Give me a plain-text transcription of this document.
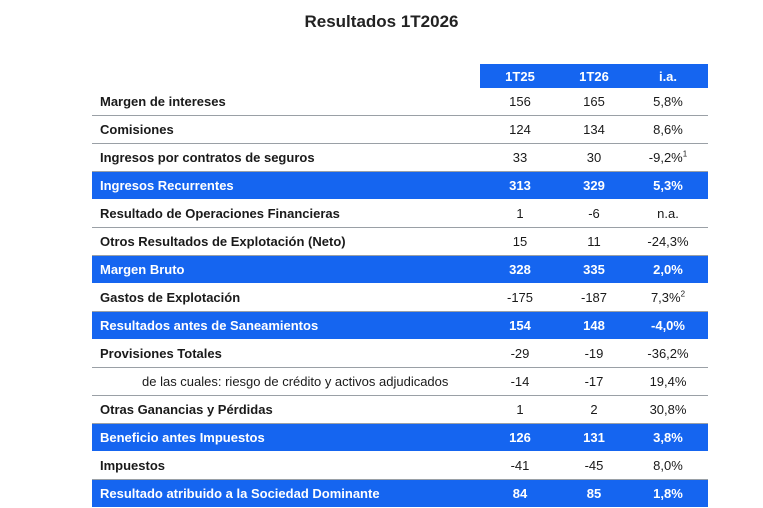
Resultados 1T2026
	1T25	1T26	i.a.
Margen de intereses	156	165	5,8%
Comisiones	124	134	8,6%
Ingresos por contratos de seguros	33	30	-9,2%$^1$
Ingresos Recurrentes	313	329	5,3%
Resultado de Operaciones Financieras	1	-6	n.a.
Otros Resultados de Explotación (Neto)	15	11	-24,3%
Margen Bruto	328	335	2,0%
Gastos de Explotación	-175	-187	7,3%$^2$
Resultados antes de Saneamientos	154	148	-4,0%
Provisiones Totales	-29	-19	-36,2%
de las cuales: riesgo de crédito y activos adjudicados	-14	-17	19,4%
Otras Ganancias y Pérdidas	1	2	30,8%
Beneficio antes Impuestos	126	131	3,8%
Impuestos	-41	-45	8,0%
Resultado atribuido a la Sociedad Dominante	84	85	1,8%
